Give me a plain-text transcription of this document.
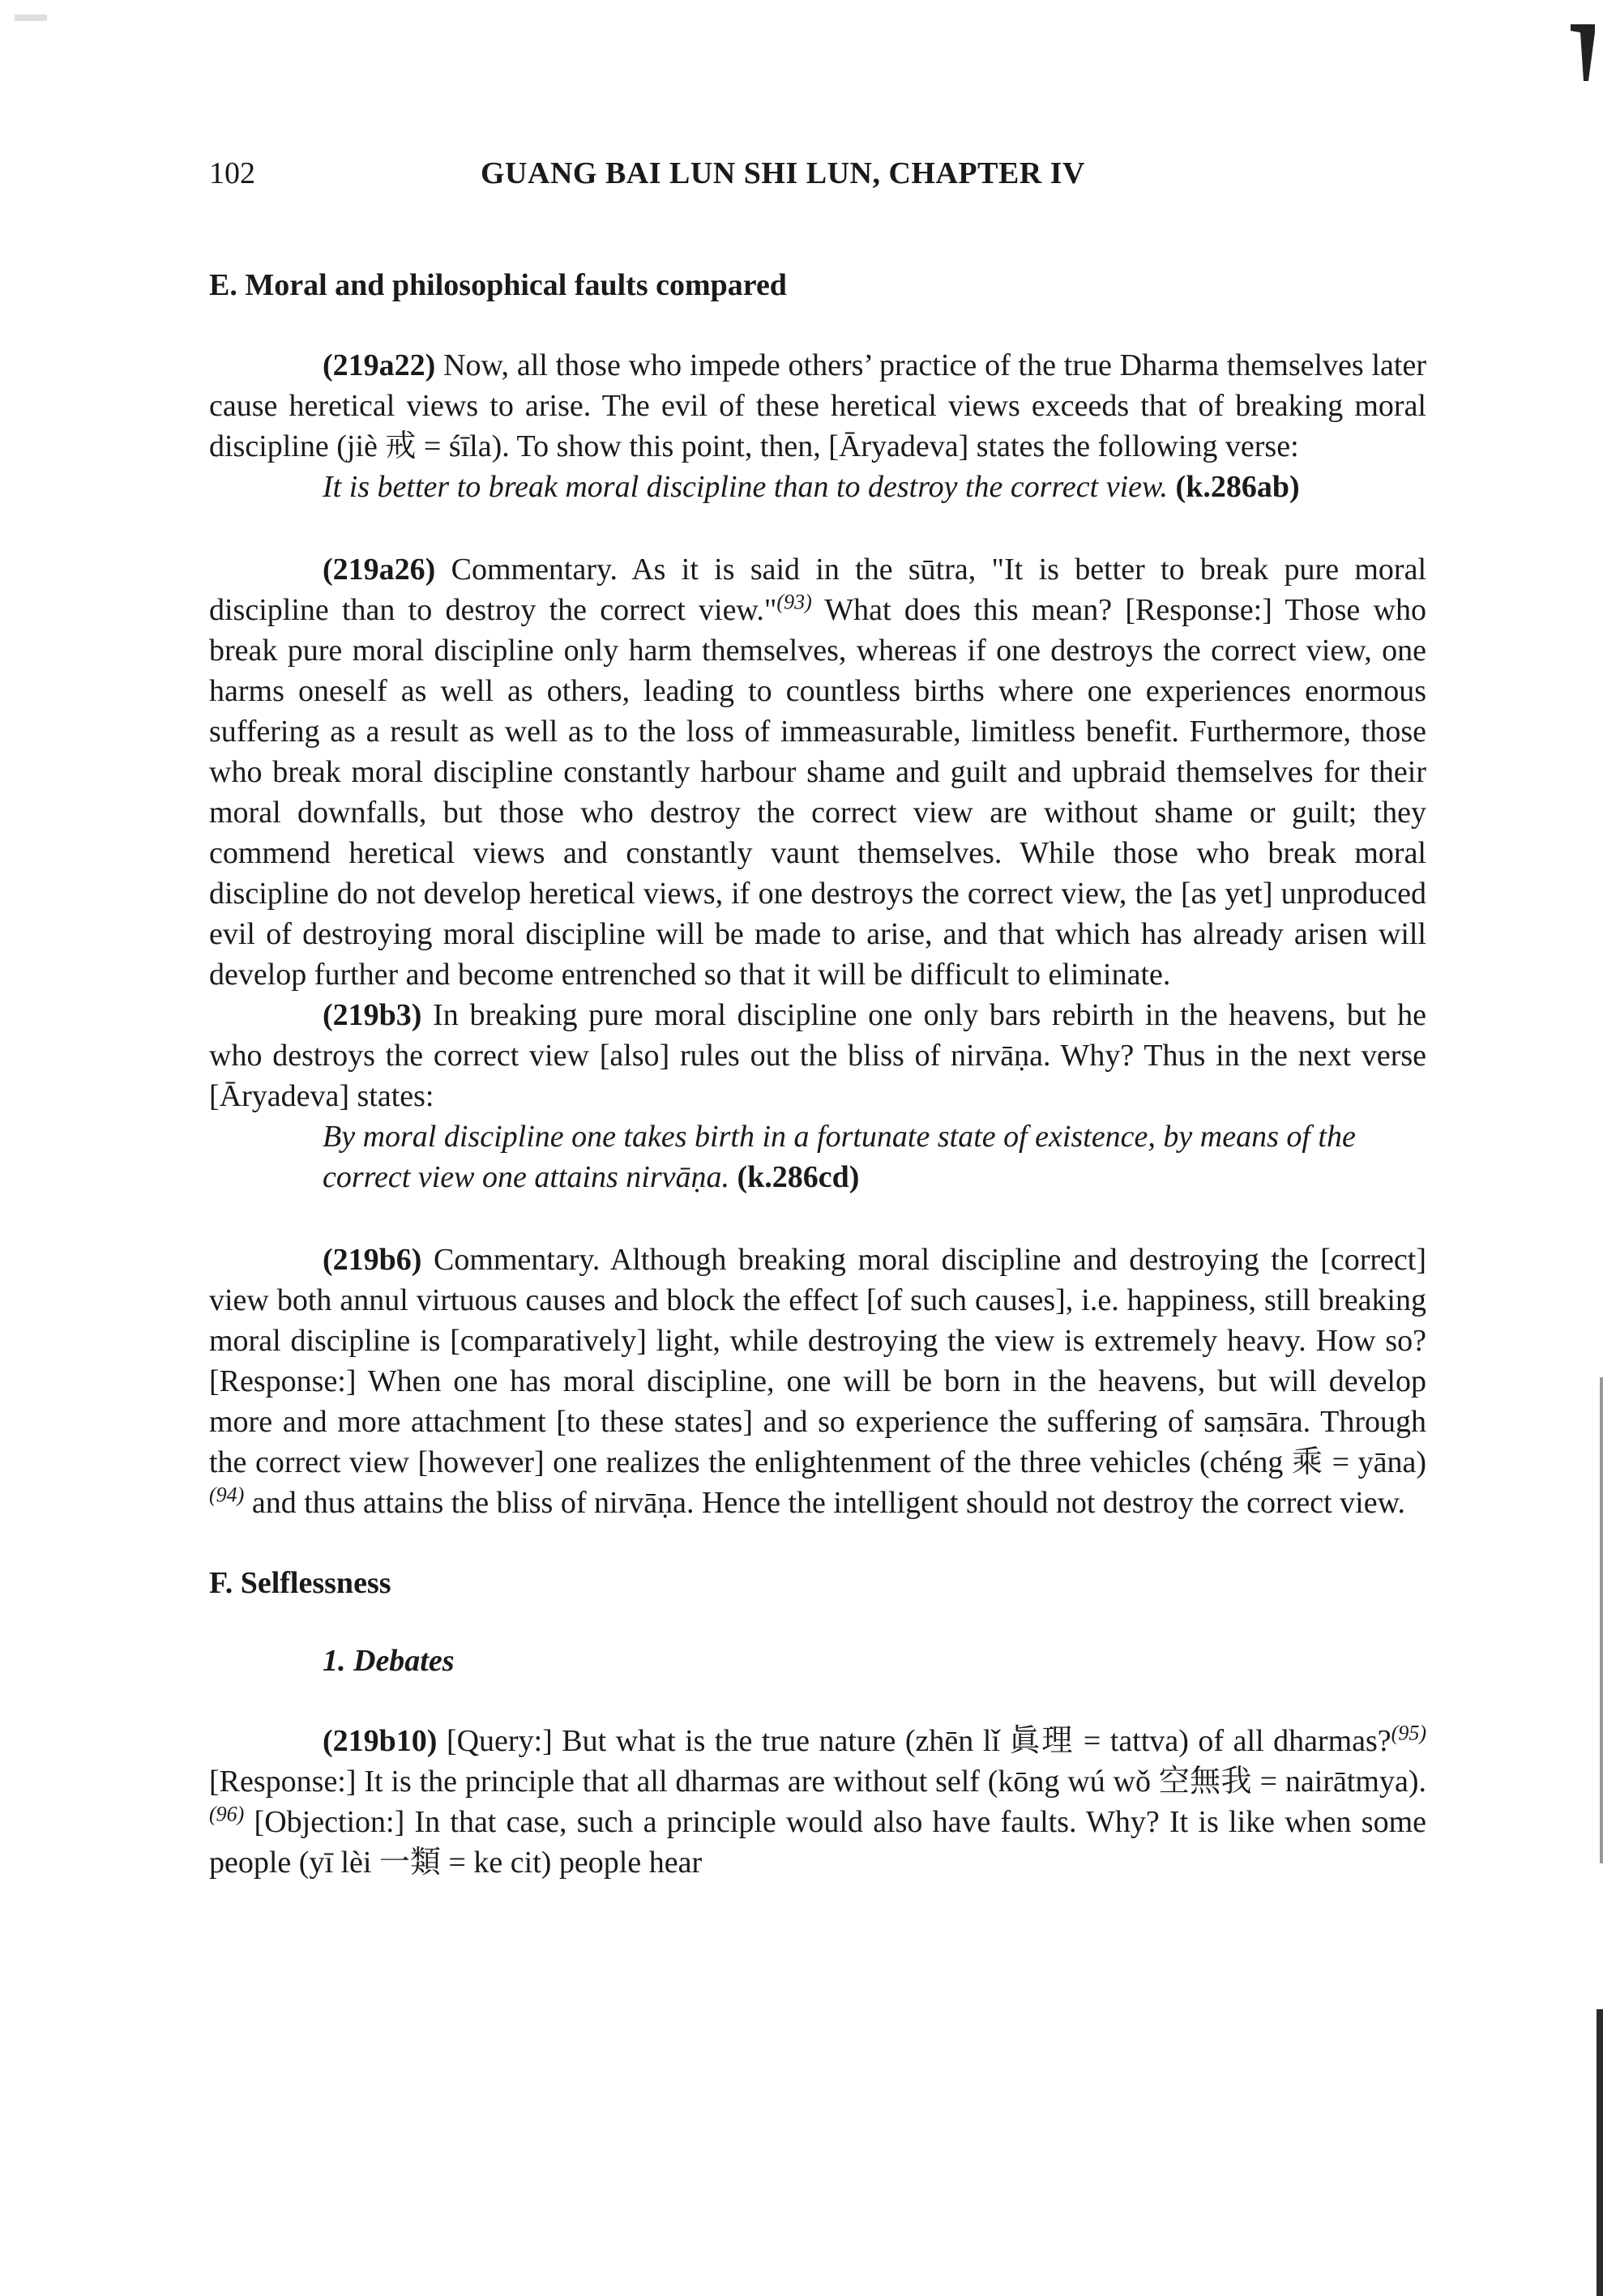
102	GUANG BAI LUN SHI LUN, CHAPTER IV
E. Moral and philosophical faults compared

(219a22) Now, all those who impede others’ practice of the true Dharma themselves later cause heretical views to arise. The evil of these heretical views exceeds that of breaking moral discipline (jiè 戒 = śīla). To show this point, then, [Āryadeva] states the following verse:

It is better to break moral discipline than to destroy the correct view. (k.286ab)

(219a26) Commentary. As it is said in the sūtra, "It is better to break pure moral discipline than to destroy the correct view."$^{(93)}$ What does this mean? [Response:] Those who break pure moral discipline only harm themselves, whereas if one destroys the correct view, one harms oneself as well as others, leading to countless births where one experiences enormous suffering as a result as well as to the loss of immeasurable, limitless benefit. Furthermore, those who break moral discipline constantly harbour shame and guilt and upbraid themselves for their moral downfalls, but those who destroy the correct view are without shame or guilt; they commend heretical views and constantly vaunt themselves. While those who break moral discipline do not develop heretical views, if one destroys the correct view, the [as yet] unproduced evil of destroying moral discipline will be made to arise, and that which has already arisen will develop further and become entrenched so that it will be difficult to eliminate.

(219b3) In breaking pure moral discipline one only bars rebirth in the heavens, but he who destroys the correct view [also] rules out the bliss of nirvāṇa. Why? Thus in the next verse [Āryadeva] states:

By moral discipline one takes birth in a fortunate state of existence, by means of the correct view one attains nirvāṇa. (k.286cd)

(219b6) Commentary. Although breaking moral discipline and destroying the [correct] view both annul virtuous causes and block the effect [of such causes], i.e. happiness, still breaking moral discipline is [comparatively] light, while destroying the view is extremely heavy. How so? [Response:] When one has moral discipline, one will be born in the heavens, but will develop more and more attachment [to these states] and so experience the suffering of saṃsāra. Through the correct view [however] one realizes the enlightenment of the three vehicles (chéng 乘 = yāna)$^{(94)}$ and thus attains the bliss of nirvāṇa. Hence the intelligent should not destroy the correct view.

F. Selflessness
1. Debates

(219b10) [Query:] But what is the true nature (zhēn lǐ 眞理 = tattva) of all dharmas?$^{(95)}$ [Response:] It is the principle that all dharmas are without self (kōng wú wǒ 空無我 = nairātmya).$^{(96)}$ [Objection:] In that case, such a principle would also have faults. Why? It is like when some people (yī lèi 一類 = ke cit) people hear
